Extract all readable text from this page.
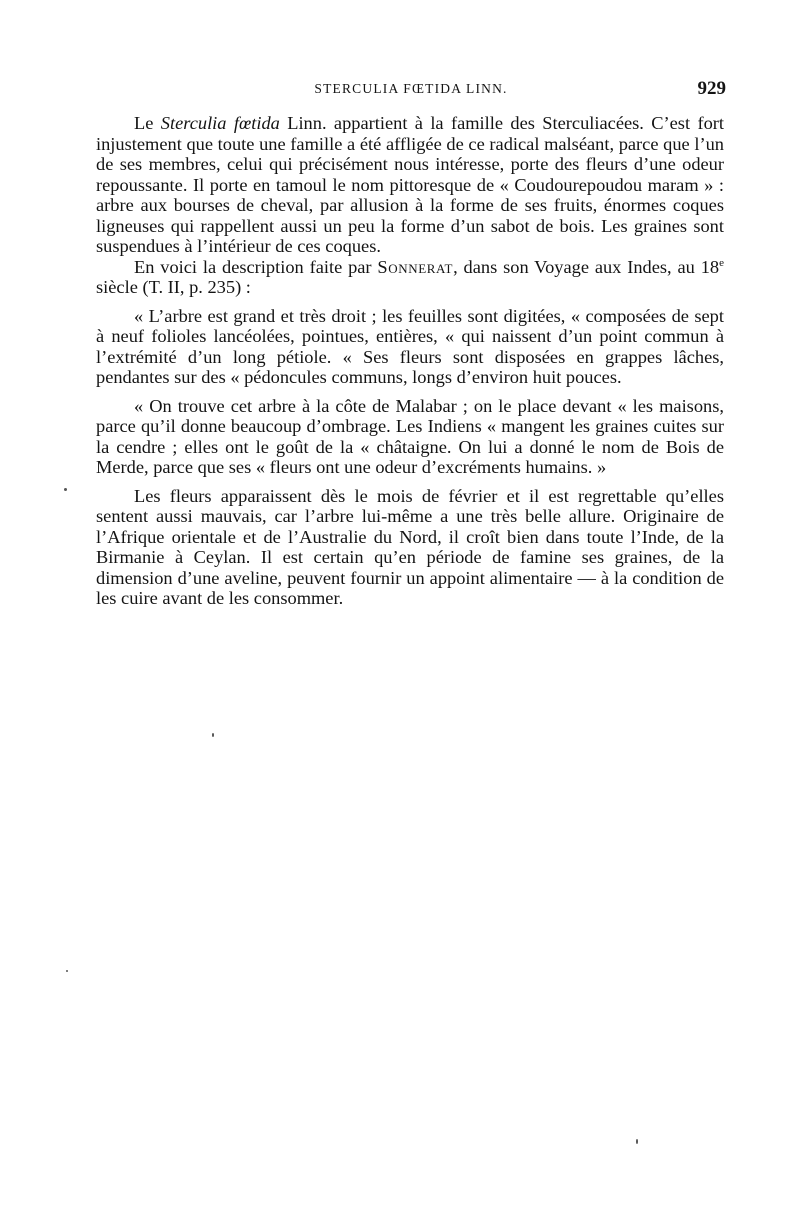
STERCULIA FŒTIDA LINN.	929

Le Sterculia fœtida Linn. appartient à la famille des Sterculiacées. C’est fort injustement que toute une famille a été affligée de ce radical malséant, parce que l’un de ses membres, celui qui précisément nous intéresse, porte des fleurs d’une odeur repoussante. Il porte en tamoul le nom pittoresque de « Coudourepoudou maram » : arbre aux bourses de cheval, par allusion à la forme de ses fruits, énormes coques ligneuses qui rappellent aussi un peu la forme d’un sabot de bois. Les graines sont suspendues à l’intérieur de ces coques.

En voici la description faite par Sonnerat, dans son Voyage aux Indes, au 18e siècle (T. II, p. 235) :

« L’arbre est grand et très droit ; les feuilles sont digitées, « composées de sept à neuf folioles lancéolées, pointues, entières, « qui naissent d’un point commun à l’extrémité d’un long pétiole. « Ses fleurs sont disposées en grappes lâches, pendantes sur des « pédoncules communs, longs d’environ huit pouces.

« On trouve cet arbre à la côte de Malabar ; on le place devant « les maisons, parce qu’il donne beaucoup d’ombrage. Les Indiens « mangent les graines cuites sur la cendre ; elles ont le goût de la « châtaigne. On lui a donné le nom de Bois de Merde, parce que ses « fleurs ont une odeur d’excréments humains. »

Les fleurs apparaissent dès le mois de février et il est regrettable qu’elles sentent aussi mauvais, car l’arbre lui-même a une très belle allure. Originaire de l’Afrique orientale et de l’Australie du Nord, il croît bien dans toute l’Inde, de la Birmanie à Ceylan. Il est certain qu’en période de famine ses graines, de la dimension d’une aveline, peuvent fournir un appoint alimentaire — à la condition de les cuire avant de les consommer.
